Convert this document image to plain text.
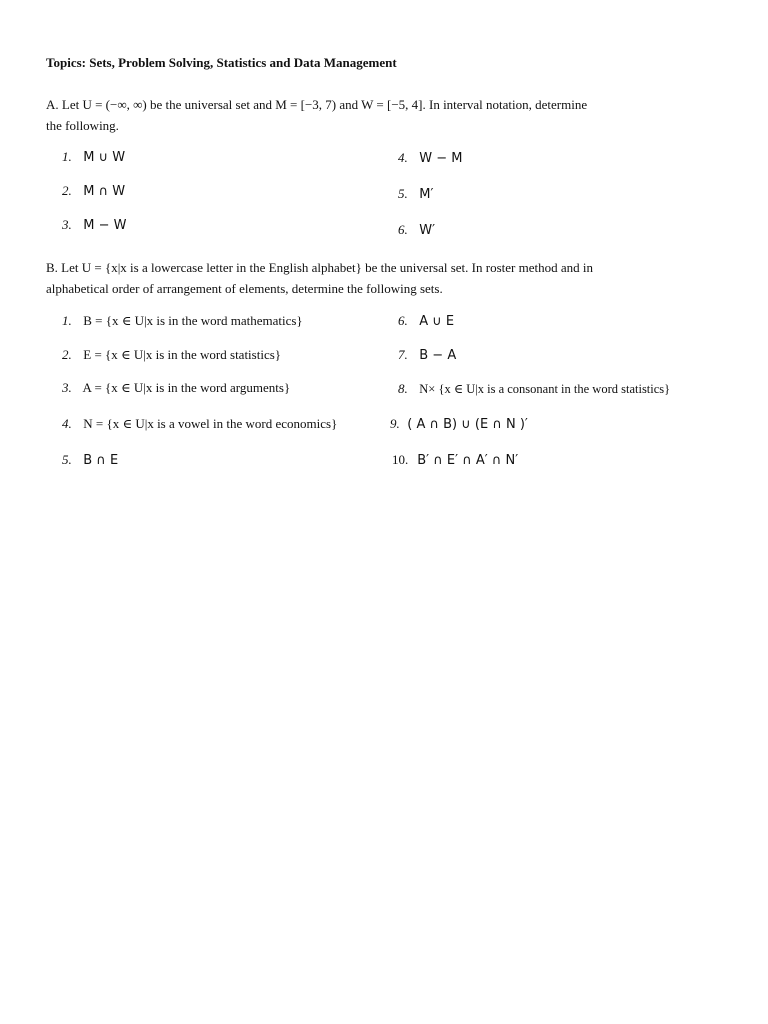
Topics: Sets, Problem Solving, Statistics and Data Management
A. Let U = (−∞, ∞) be the universal set and M = [−3, 7) and W = [−5, 4]. In interval notation, determine
the following.
1. M ∪ W
2. M ∩ W
3. M − W
4. W − M
5. M′
6. W′
B. Let U = {x|x is a lowercase letter in the English alphabet} be the universal set. In roster method and in
alphabetical order of arrangement of elements, determine the following sets.
1. B = {x ∈ U|x is in the word mathematics}
2. E = {x ∈ U|x is in the word statistics}
3. A = {x ∈ U|x is in the word arguments}
4. N = {x ∈ U|x is a vowel in the word economics}
5. B ∩ E
6. A ∪ E
7. B − A
8. N× {x ∈ U|x is a consonant in the word statistics}
9. ( A ∩ B) ∪ (E ∩ N )′
10. B′ ∩ E′ ∩ A′ ∩ N′
